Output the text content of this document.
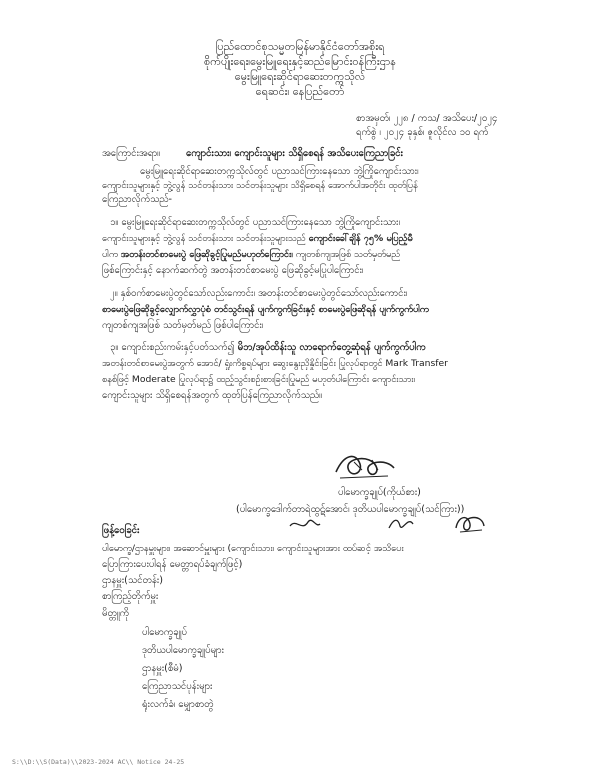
ပြည်ထောင်စုသမ္မတမြန်မာနိုင်ငံတော်အစိုးရ
စိုက်ပျိုးရေး၊မွေးမြူရေးနှင့်ဆည်မြောင်းဝန်ကြီးဌာန
မွေးမြူရေးဆိုင်ရာဆေးတက္ကသိုလ်
ရေဆင်း၊ နေပြည်တော်
စာအမှတ်၊ ၂၂၈ / ကသ/ အသိပေး/၂၀၂၄
ရက်စွဲ ၊ ၂၀၂၄ ခုနှစ်၊ ဇူလိုင်လ ၁၀ ရက်
အကြောင်းအရာ။	ကျောင်းသား၊ ကျောင်းသူများ သိရှိစေရန် အသိပေးကြေညာခြင်း
မွေးမြူရေးဆိုင်ရာဆေးတက္ကသိုလ်တွင် ပညာသင်ကြားနေသော ဘွဲ့ကြိုကျောင်းသား၊
ကျောင်းသူများနှင့် ဘွဲ့လွန် သင်တန်းသား သင်တန်းသူများ သိရှိစေရန် အောက်ပါအတိုင်း ထုတ်ပြန်
ကြေညာလိုက်သည်-
၁။ မွေးမြူရေးဆိုင်ရာဆေးတက္ကသိုလ်တွင် ပညာသင်ကြားနေသော ဘွဲ့ကြိုကျောင်းသား၊
ကျောင်းသူများနှင့် ဘွဲ့လွန် သင်တန်းသား သင်တန်းသူများသည် ကျောင်းခေါ်ချိန် ၇၅% မပြည့်မီ
ပါက အတန်းတင်စာမေးပွဲ ဖြေဆိုခွင့်ပြုမည်မဟုတ်ကြောင်း၊ ကျတစ်ကျအဖြစ် သတ်မှတ်မည်
ဖြစ်ကြောင်းနှင့် နောက်ဆက်တွဲ အတန်းတင်စာမေးပွဲ ဖြေဆိုခွင့်မပြုပါကြောင်း၊
၂။ နှစ်ဝက်စာမေးပွဲတွင်သော်လည်းကောင်း၊ အတန်းတင်စာမေးပွဲတွင်သော်လည်းကောင်း၊
စာမေးပွဲဖြေဆိုခွင့်လျှောက်လွှာပုံစံ တင်သွင်းရန် ပျက်ကွက်ခြင်းနှင့် စာမေးပွဲဖြေဆိုရန် ပျက်ကွက်ပါက
ကျတစ်ကျအဖြစ် သတ်မှတ်မည် ဖြစ်ပါကြောင်း၊
၃။ ကျောင်းစည်းကမ်းနှင့်ပတ်သက်၍ မိဘ/အုပ်ထိန်းသူ လာရောက်တွေ့ဆုံရန် ပျက်ကွက်ပါက
အတန်းတင်စာမေးပွဲအတွက် အောင်/ ရှုံးကိစ္စရပ်များ ဆွေးနွေးညှိနှိုင်းခြင်း ပြုလုပ်ရာတွင် Mark Transfer
စနစ်ဖြင့် Moderate ပြုလုပ်ရာ၌ ထည့်သွင်းစဉ်းစားခြင်းပြုမည် မဟုတ်ပါကြောင်း ကျောင်းသား၊
ကျောင်းသူများ သိရှိစေရန်အတွက် ထုတ်ပြန်ကြေညာလိုက်သည်။
ပါမောက္ခချုပ်(ကိုယ်စား)
(ပါမောက္ခဒေါက်တာရဲထွဋ်အောင်၊ ဒုတိယပါမောက္ခချုပ်(သင်ကြား))
ဖြန့်ဝေခြင်း
ပါမောက္ခ/ဌာနမှူးများ၊ အဆောင်မှူးများ (ကျောင်းသား၊ ကျောင်းသူများအား ထပ်ဆင့် အသိပေး
ပြောကြားပေးပါရန် မေတ္တာရပ်ခံချက်ဖြင့်)
ဌာနမှူး(သင်တန်း)
စာကြည့်တိုက်မှူး
မိတ္တူကို
ပါမောက္ခချုပ်
ဒုတိယပါမောက္ခချုပ်များ
ဌာနမှူး(စီမံ)
ကြေညာသင်ပုန်းများ
ရုံးလက်ခံ၊ မျှောစာတွဲ
S:\\D:\\S(Data)\\2023-2024 AC\\ Notice 24-25
